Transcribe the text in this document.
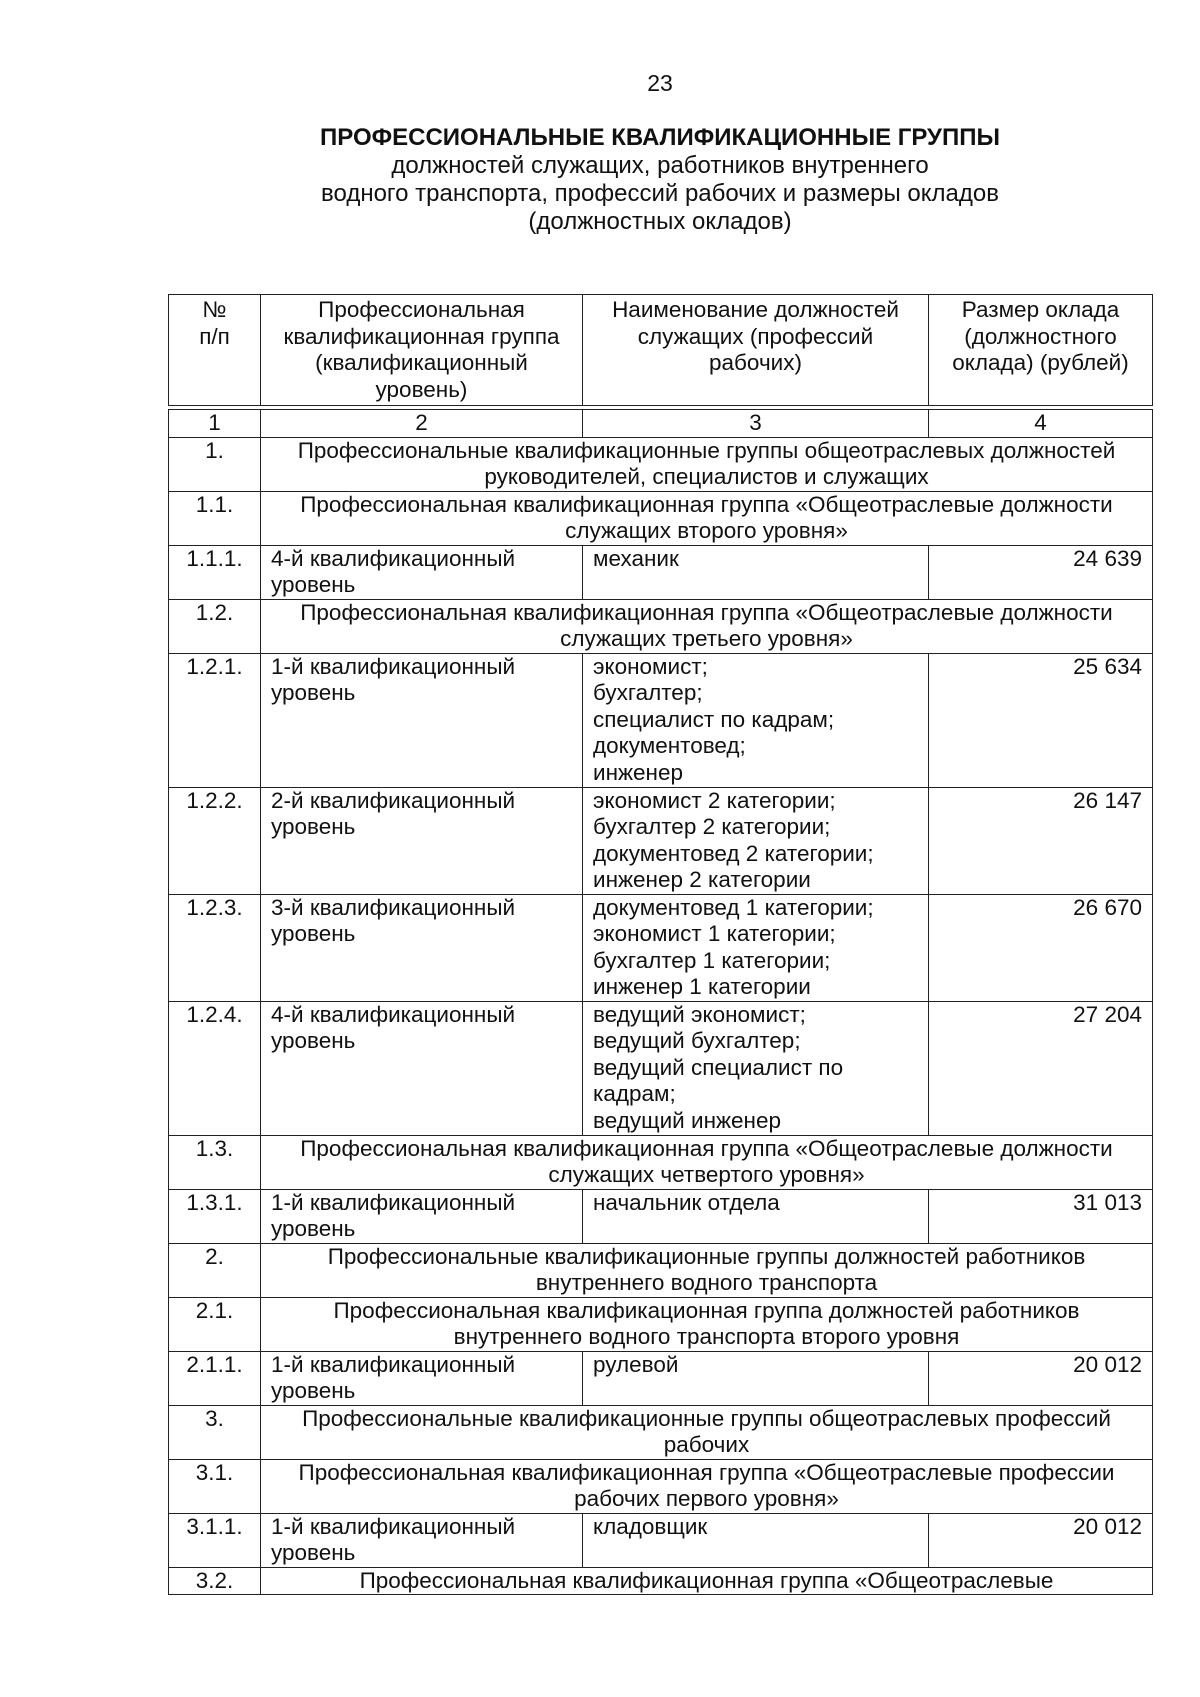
23
ПРОФЕССИОНАЛЬНЫЕ КВАЛИФИКАЦИОННЫЕ ГРУППЫ
должностей служащих, работников внутреннего
водного транспорта, профессий рабочих и размеры окладов
(должностных окладов)
№
п/п	Профессиональная квалификационная группа (квалификационный уровень)	Наименование должностей служащих (профессий рабочих)	Размер оклада (должностного оклада) (рублей)

1	2	3	4
1.	Профессиональные квалификационные группы общеотраслевых должностей руководителей, специалистов и служащих		
1.1.	Профессиональная квалификационная группа «Общеотраслевые должности служащих второго уровня»		
1.1.1.	4-й квалификационный уровень	механик	24 639
1.2.	Профессиональная квалификационная группа «Общеотраслевые должности служащих третьего уровня»		
1.2.1.	1-й квалификационный уровень	экономист;
бухгалтер;
специалист по кадрам;
документовед;
инженер	25 634
1.2.2.	2-й квалификационный уровень	экономист 2 категории;
бухгалтер 2 категории;
документовед 2 категории;
инженер 2 категории	26 147
1.2.3.	3-й квалификационный уровень	документовед 1 категории;
экономист 1 категории;
бухгалтер 1 категории;
инженер 1 категории	26 670
1.2.4.	4-й квалификационный уровень	ведущий экономист;
ведущий бухгалтер;
ведущий специалист по кадрам;
ведущий инженер	27 204
1.3.	Профессиональная квалификационная группа «Общеотраслевые должности служащих четвертого уровня»		
1.3.1.	1-й квалификационный уровень	начальник отдела	31 013
2.	Профессиональные квалификационные группы должностей работников внутреннего водного транспорта		
2.1.	Профессиональная квалификационная группа должностей работников внутреннего водного транспорта второго уровня		
2.1.1.	1-й квалификационный уровень	рулевой	20 012
3.	Профессиональные квалификационные группы общеотраслевых профессий рабочих		
3.1.	Профессиональная квалификационная группа «Общеотраслевые профессии рабочих первого уровня»		
3.1.1.	1-й квалификационный уровень	кладовщик	20 012
3.2.	Профессиональная квалификационная группа «Общеотраслевые		
